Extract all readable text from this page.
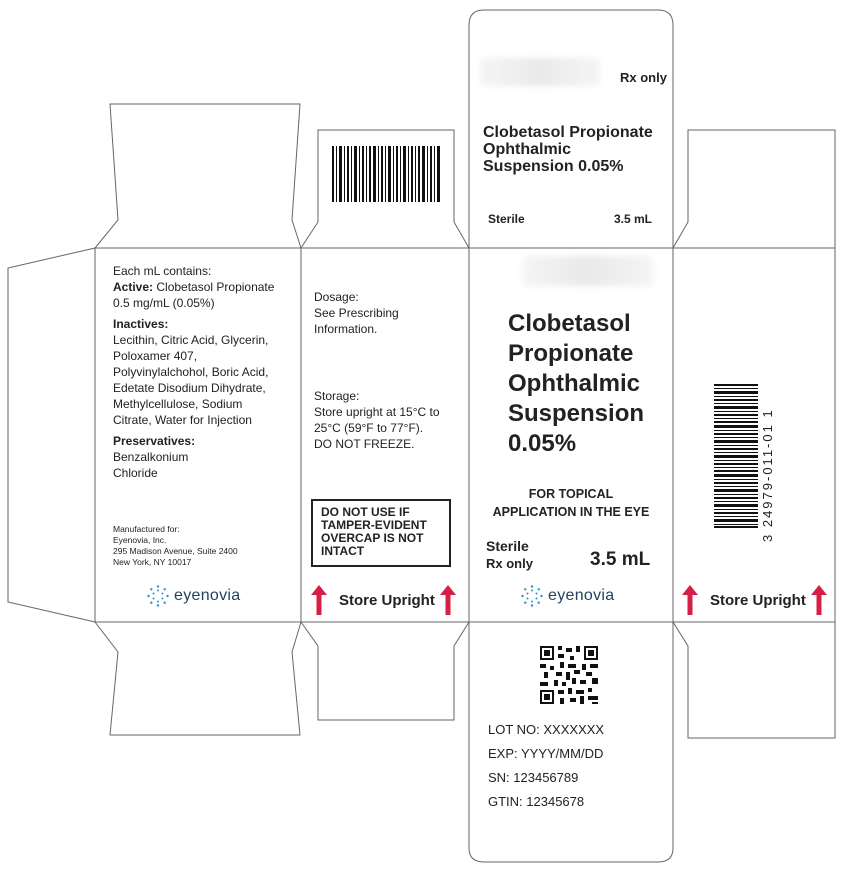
Rx only
Clobetasol Propionate
Ophthalmic
Suspension 0.05%
Sterile	3.5 mL
Each mL contains:
Active: Clobetasol Propionate
0.5 mg/mL (0.05%)
Inactives:
Lecithin, Citric Acid, Glycerin,
Poloxamer 407,
Polyvinylalchohol, Boric Acid,
Edetate Disodium Dihydrate,
Methylcellulose, Sodium
Citrate, Water for Injection
Preservatives:
Benzalkonium
Chloride
Manufactured for:
Eyenovia, Inc.
295 Madison Avenue, Suite 2400
New York, NY 10017
eyenovia
Dosage:
See Prescribing
Information.
Storage:
Store upright at 15°C to
25°C (59°F to 77°F).
DO NOT FREEZE.
DO NOT USE IF
TAMPER-EVIDENT
OVERCAP IS NOT
INTACT
Store Upright
Clobetasol
Propionate
Ophthalmic
Suspension
0.05%
FOR TOPICAL
APPLICATION IN THE EYE
Sterile
Rx only	3.5 mL
eyenovia
3 24979-011-01 1
Store Upright
LOT NO: XXXXXXX
EXP: YYYY/MM/DD
SN: 123456789
GTIN: 12345678
